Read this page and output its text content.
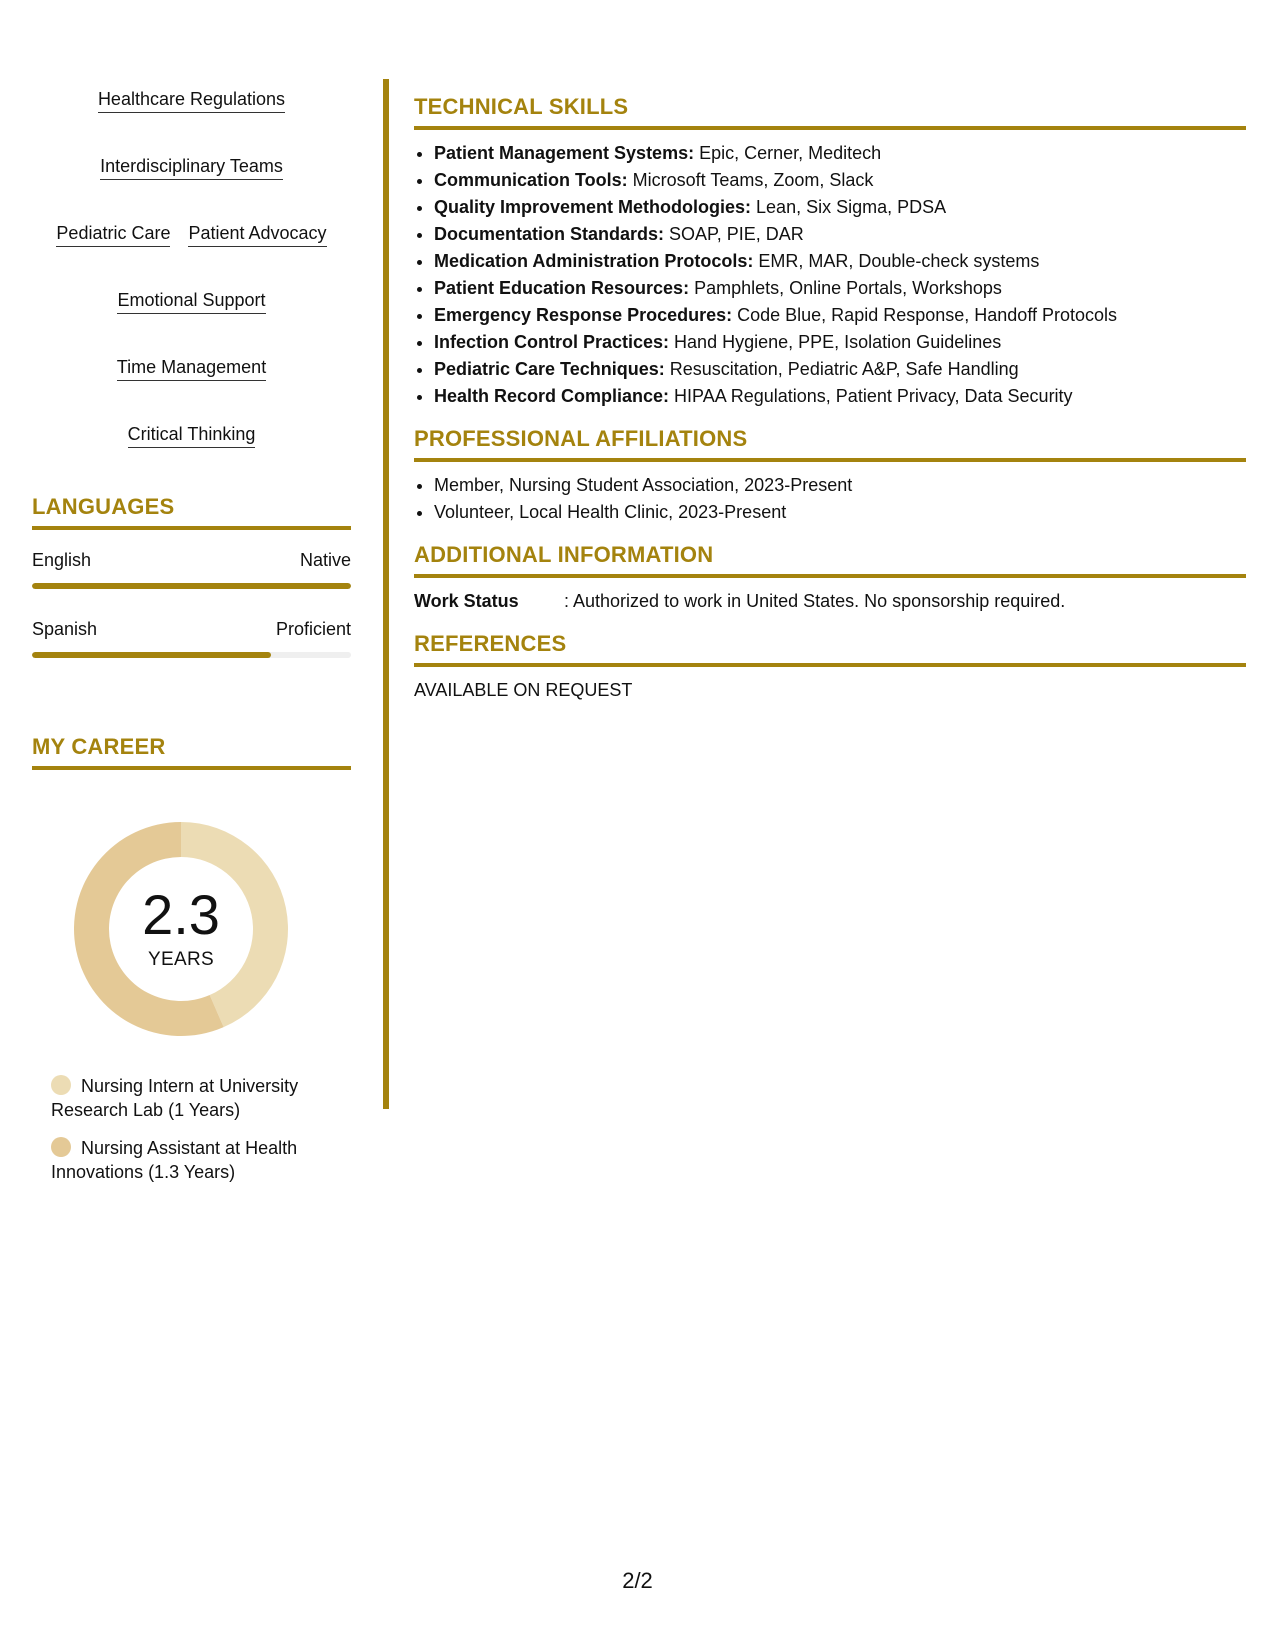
Healthcare Regulations
Interdisciplinary Teams
Pediatric Care Patient Advocacy
Emotional Support
Time Management
Critical Thinking
LANGUAGES
English	Native
Spanish	Proficient
MY CAREER
2.3
YEARS
Nursing Intern at University Research Lab (1 Years)
Nursing Assistant at Health Innovations (1.3 Years)
TECHNICAL SKILLS
• Patient Management Systems: Epic, Cerner, Meditech
• Communication Tools: Microsoft Teams, Zoom, Slack
• Quality Improvement Methodologies: Lean, Six Sigma, PDSA
• Documentation Standards: SOAP, PIE, DAR
• Medication Administration Protocols: EMR, MAR, Double-check systems
• Patient Education Resources: Pamphlets, Online Portals, Workshops
• Emergency Response Procedures: Code Blue, Rapid Response, Handoff Protocols
• Infection Control Practices: Hand Hygiene, PPE, Isolation Guidelines
• Pediatric Care Techniques: Resuscitation, Pediatric A&P, Safe Handling
• Health Record Compliance: HIPAA Regulations, Patient Privacy, Data Security
PROFESSIONAL AFFILIATIONS
• Member, Nursing Student Association, 2023-Present
• Volunteer, Local Health Clinic, 2023-Present
ADDITIONAL INFORMATION
Work Status	: Authorized to work in United States. No sponsorship required.
REFERENCES
AVAILABLE ON REQUEST
2/2
